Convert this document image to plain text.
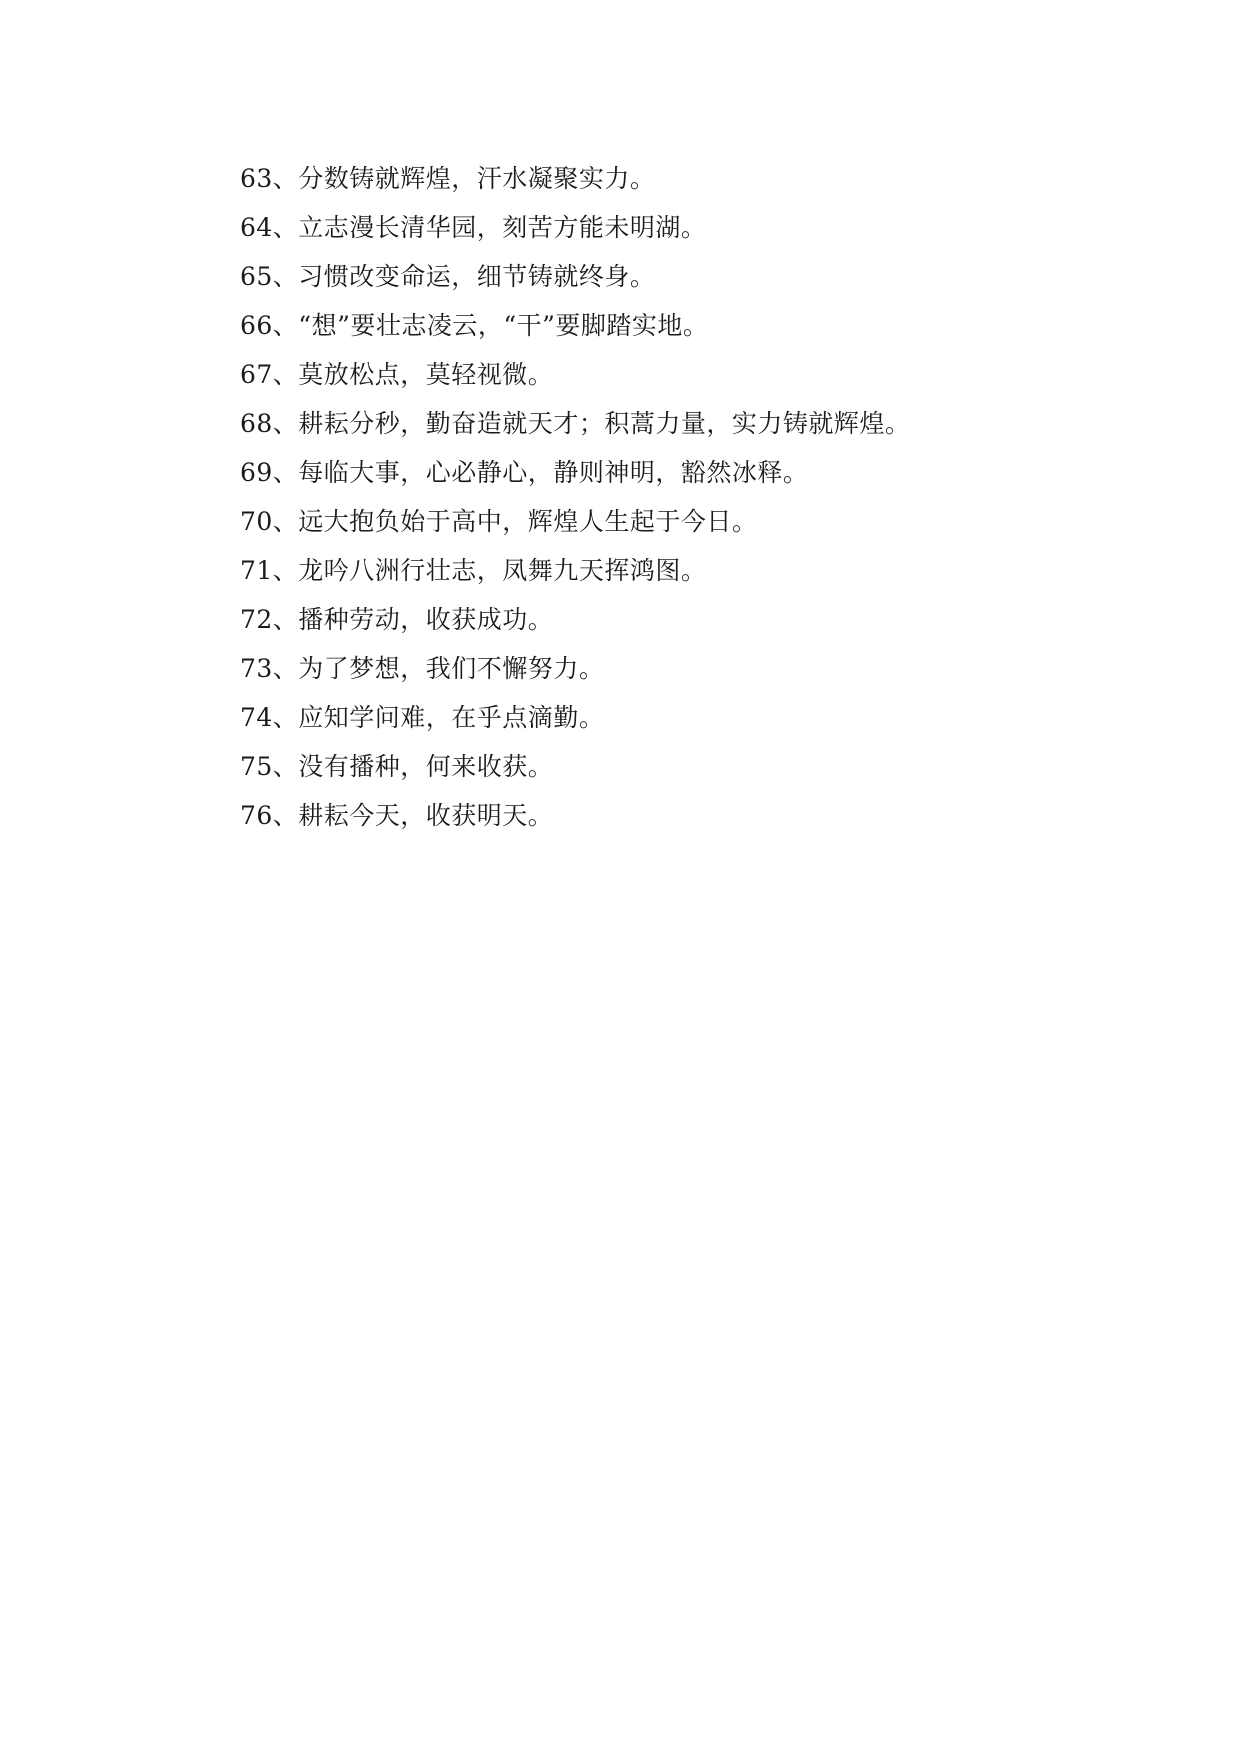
63、分数铸就辉煌，汗水凝聚实力。
64、立志漫长清华园，刻苦方能未明湖。
65、习惯改变命运，细节铸就终身。
66、“想”要壮志凌云，“干”要脚踏实地。
67、莫放松点，莫轻视微。
68、耕耘分秒，勤奋造就天才；积蒿力量，实力铸就辉煌。
69、每临大事，心必静心，静则神明，豁然冰释。
70、远大抱负始于高中，辉煌人生起于今日。
71、龙吟八洲行壮志，凤舞九天挥鸿图。
72、播种劳动，收获成功。
73、为了梦想，我们不懈努力。
74、应知学问难，在乎点滴勤。
75、没有播种，何来收获。
76、耕耘今天，收获明天。
